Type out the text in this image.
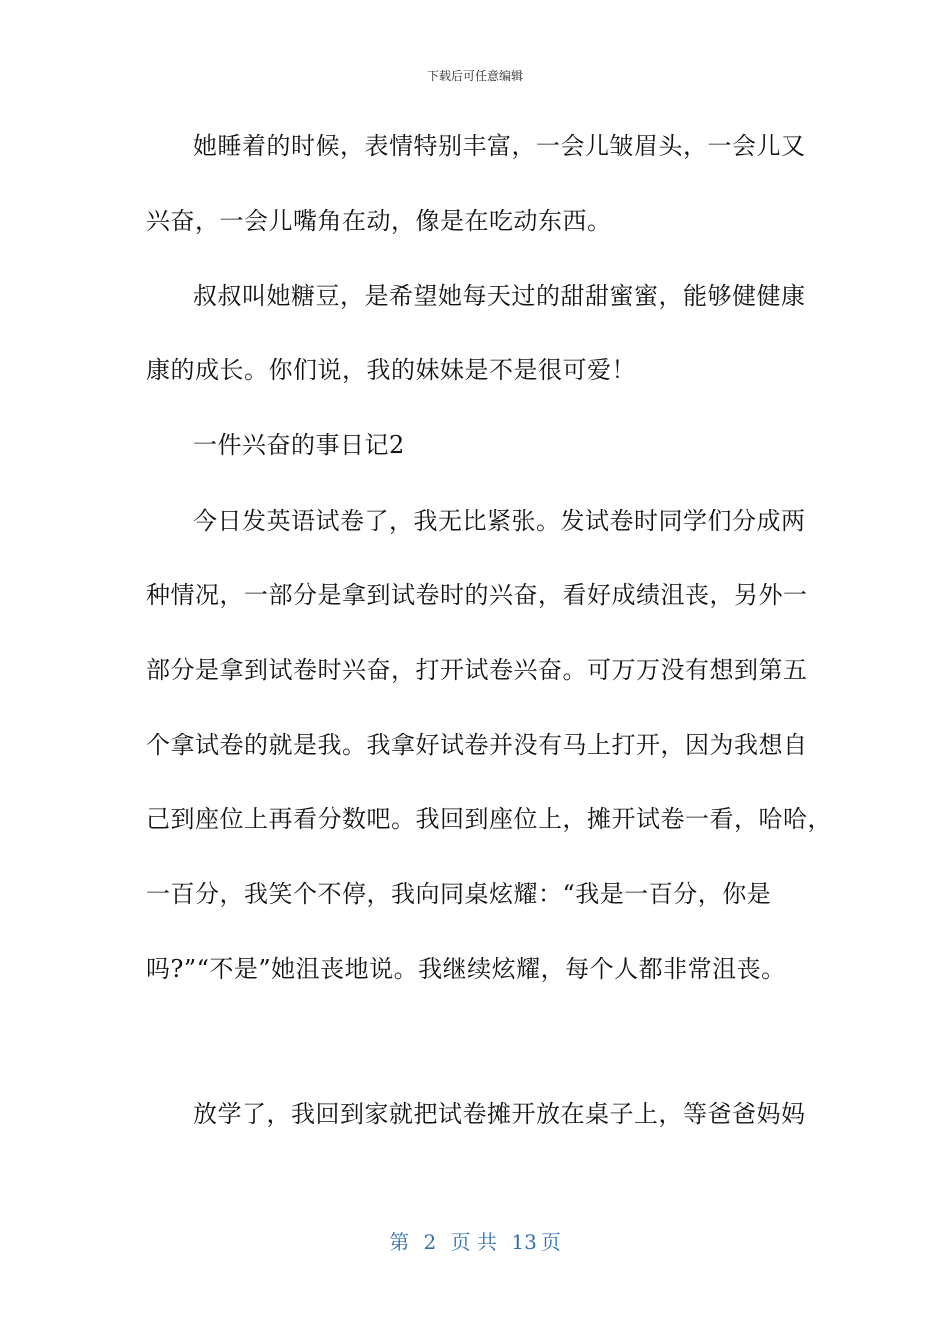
下载后可任意编辑
她睡着的时候，表情特别丰富，一会儿皱眉头，一会儿又
兴奋，一会儿嘴角在动，像是在吃动东西。
叔叔叫她糖豆，是希望她每天过的甜甜蜜蜜，能够健健康
康的成长。你们说，我的妹妹是不是很可爱！
一件兴奋的事日记2
今日发英语试卷了，我无比紧张。发试卷时同学们分成两
种情况，一部分是拿到试卷时的兴奋，看好成绩沮丧，另外一
部分是拿到试卷时兴奋，打开试卷兴奋。可万万没有想到第五
个拿试卷的就是我。我拿好试卷并没有马上打开，因为我想自
己到座位上再看分数吧。我回到座位上，摊开试卷一看，哈哈，
一百分，我笑个不停，我向同桌炫耀：“我是一百分，你是
吗?”“不是”她沮丧地说。我继续炫耀，每个人都非常沮丧。
放学了，我回到家就把试卷摊开放在桌子上，等爸爸妈妈
第 2 页 共 13 页
